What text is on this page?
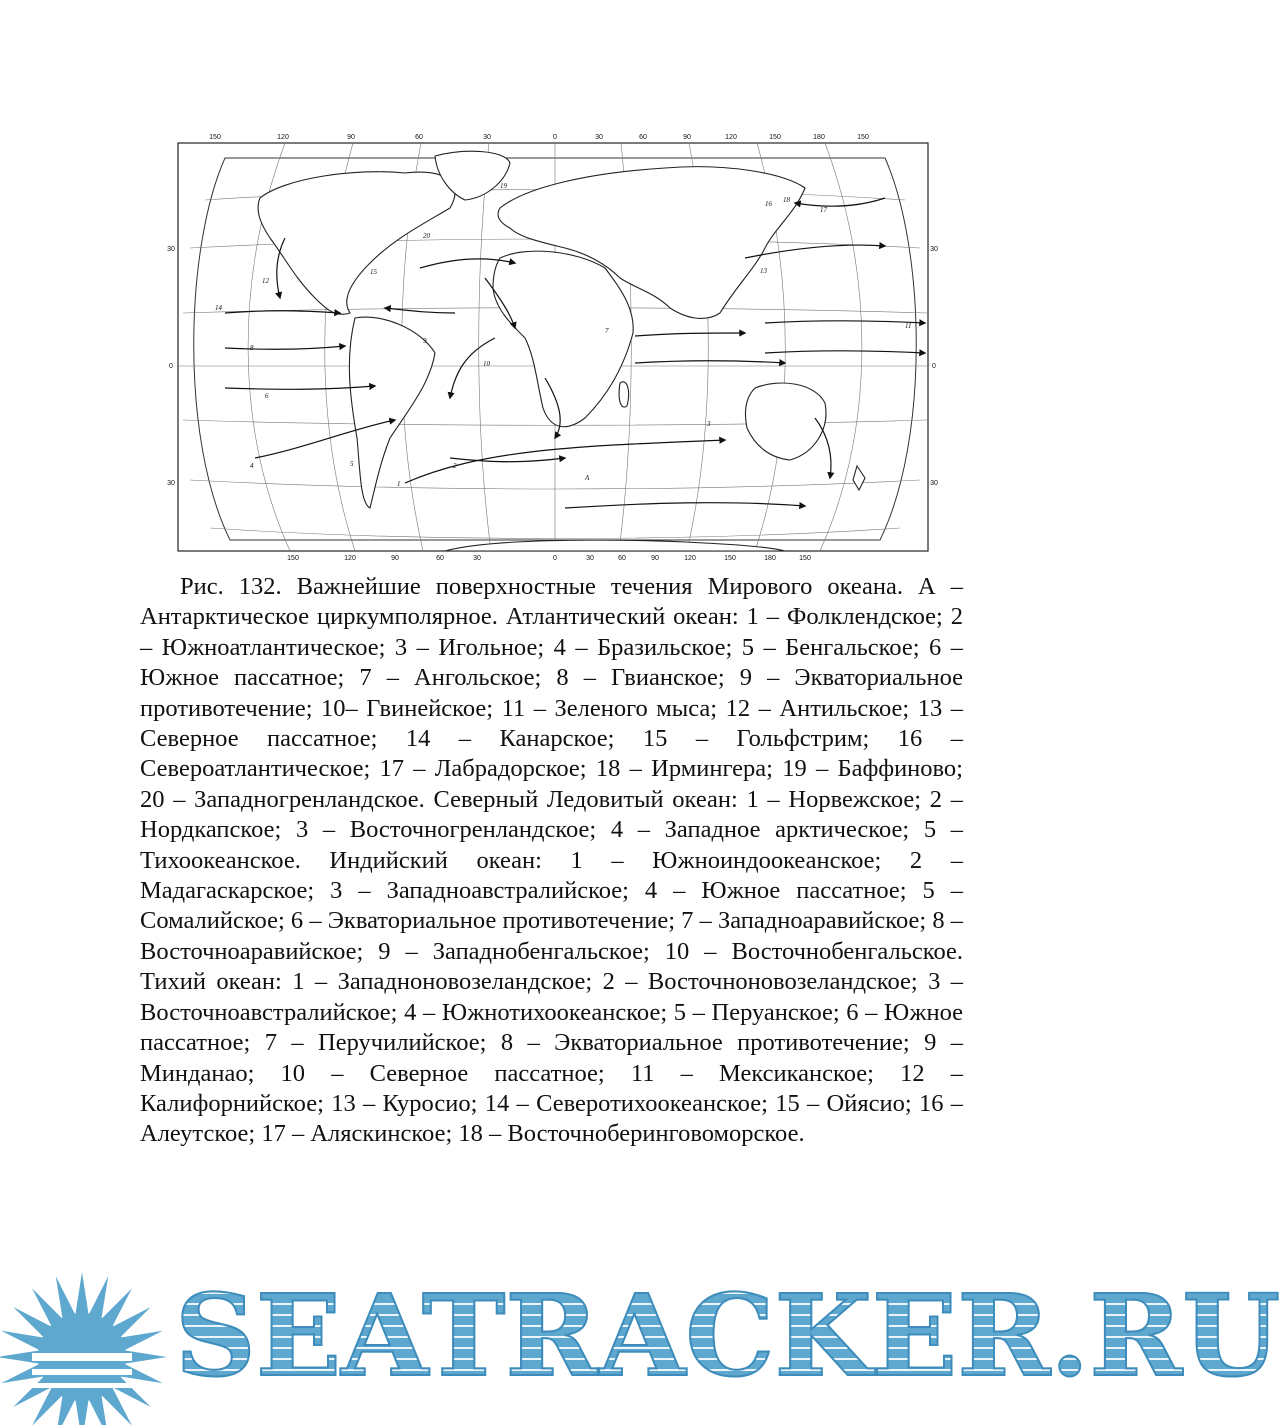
150	120	90	60	30	0	30	60	90	120	150	180	150
150	120	90	60	30	0	30	60	90	120	150	180	150
30
0
30
30
0
30
1
2
3
4	5
6
7
8
9
10
11
12
13
14
15
16
17
18
19
20
A
Рис. 132. Важнейшие поверхностные течения Мирового океана. А – Антарктическое циркумполярное. Атлантический океан: 1 – Фолклендское; 2 – Южноатлантическое; 3 – Игольное; 4 – Бразильское; 5 – Бенгальское; 6 – Южное пассатное; 7 – Ангольское; 8 – Гвианское; 9 – Экваториальное противотечение; 10– Гвинейское; 11 – Зеленого мыса; 12 – Антильское; 13 – Северное пассатное; 14 – Канарское; 15 – Гольфстрим; 16 – Североатлантическое; 17 – Лабрадорское; 18 – Ирмингера; 19 – Баффиново; 20 – Западногренландское. Северный Ледовитый океан: 1 – Норвежское; 2 – Нордкапское; 3 – Восточногренландское; 4 – Западное арктическое; 5 – Тихоокеанское. Индийский океан: 1 – Южноиндоокеанское; 2 – Мадагаскарское; 3 – Западноавстралийское; 4 – Южное пассатное; 5 – Сомалийское; 6 – Экваториальное противотечение; 7 – Западноаравийское; 8 – Восточноаравийское; 9 – Западнобенгальское; 10 – Восточнобенгальское. Тихий океан: 1 – Западноновозеландское; 2 – Восточноновозеландское; 3 – Восточноавстралийское; 4 – Южнотихоокеанское; 5 – Перуанское; 6 – Южное пассатное; 7 – Перучилийское; 8 – Экваториальное противотечение; 9 – Минданао; 10 – Северное пассатное; 11 – Мексиканское; 12 – Калифорнийское; 13 – Куросио; 14 – Северотихоокеанское; 15 – Ойясио; 16 – Алеутское; 17 – Аляскинское; 18 – Восточноберинговоморское.
SEATRACKER.RU
